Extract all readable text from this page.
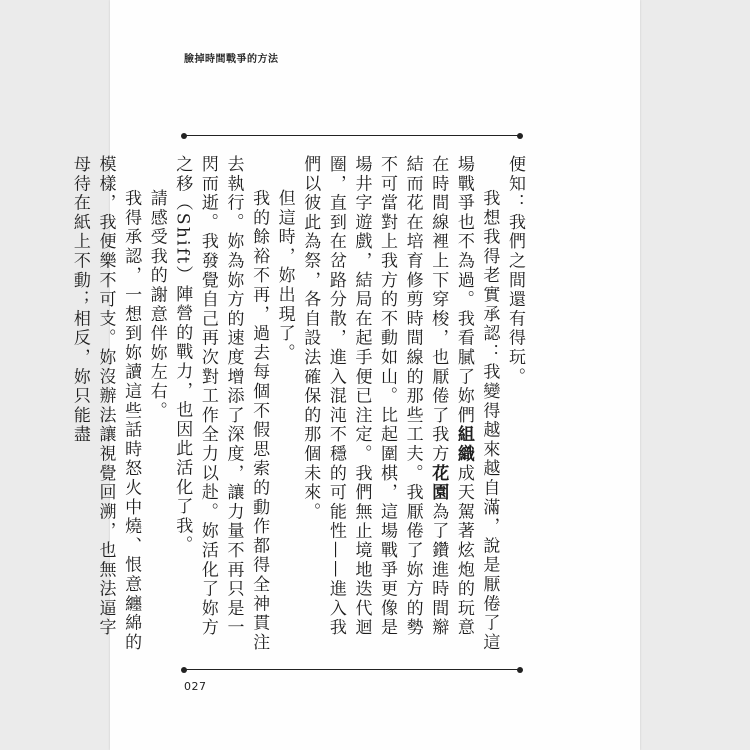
臉掉時間戰爭的方法

便知：我們之間還有得玩。

我想我得老實承認：我變得越來越自滿，說是厭倦了這場戰爭也不為過。我看膩了妳們組織成天駕著炫炮的玩意在時間線裡上下穿梭，也厭倦了我方花園為了鑽進時間辮結而花在培育修剪時間線的那些工夫。我厭倦了妳方的勢不可當對上我方的不動如山。比起圍棋，這場戰爭更像是場井字遊戲，結局在起手便已注定。我們無止境地迭代迴圈，直到在岔路分散，進入混沌不穩的可能性——進入我們以彼此為祭，各自設法確保的那個未來。

但這時，妳出現了。

我的餘裕不再，過去每個不假思索的動作都得全神貫注去執行。妳為妳方的速度增添了深度，讓力量不再只是一閃而逝。我發覺自己再次對工作全力以赴。妳活化了妳方之移（Shift）陣營的戰力，也因此活化了我。

請感受我的謝意伴妳左右。

我得承認，一想到妳讀這些話時怒火中燒、恨意纏綿的模樣，我便樂不可支。妳沒辦法讓視覺回溯，也無法逼字母待在紙上不動；相反，妳只能盡

027
